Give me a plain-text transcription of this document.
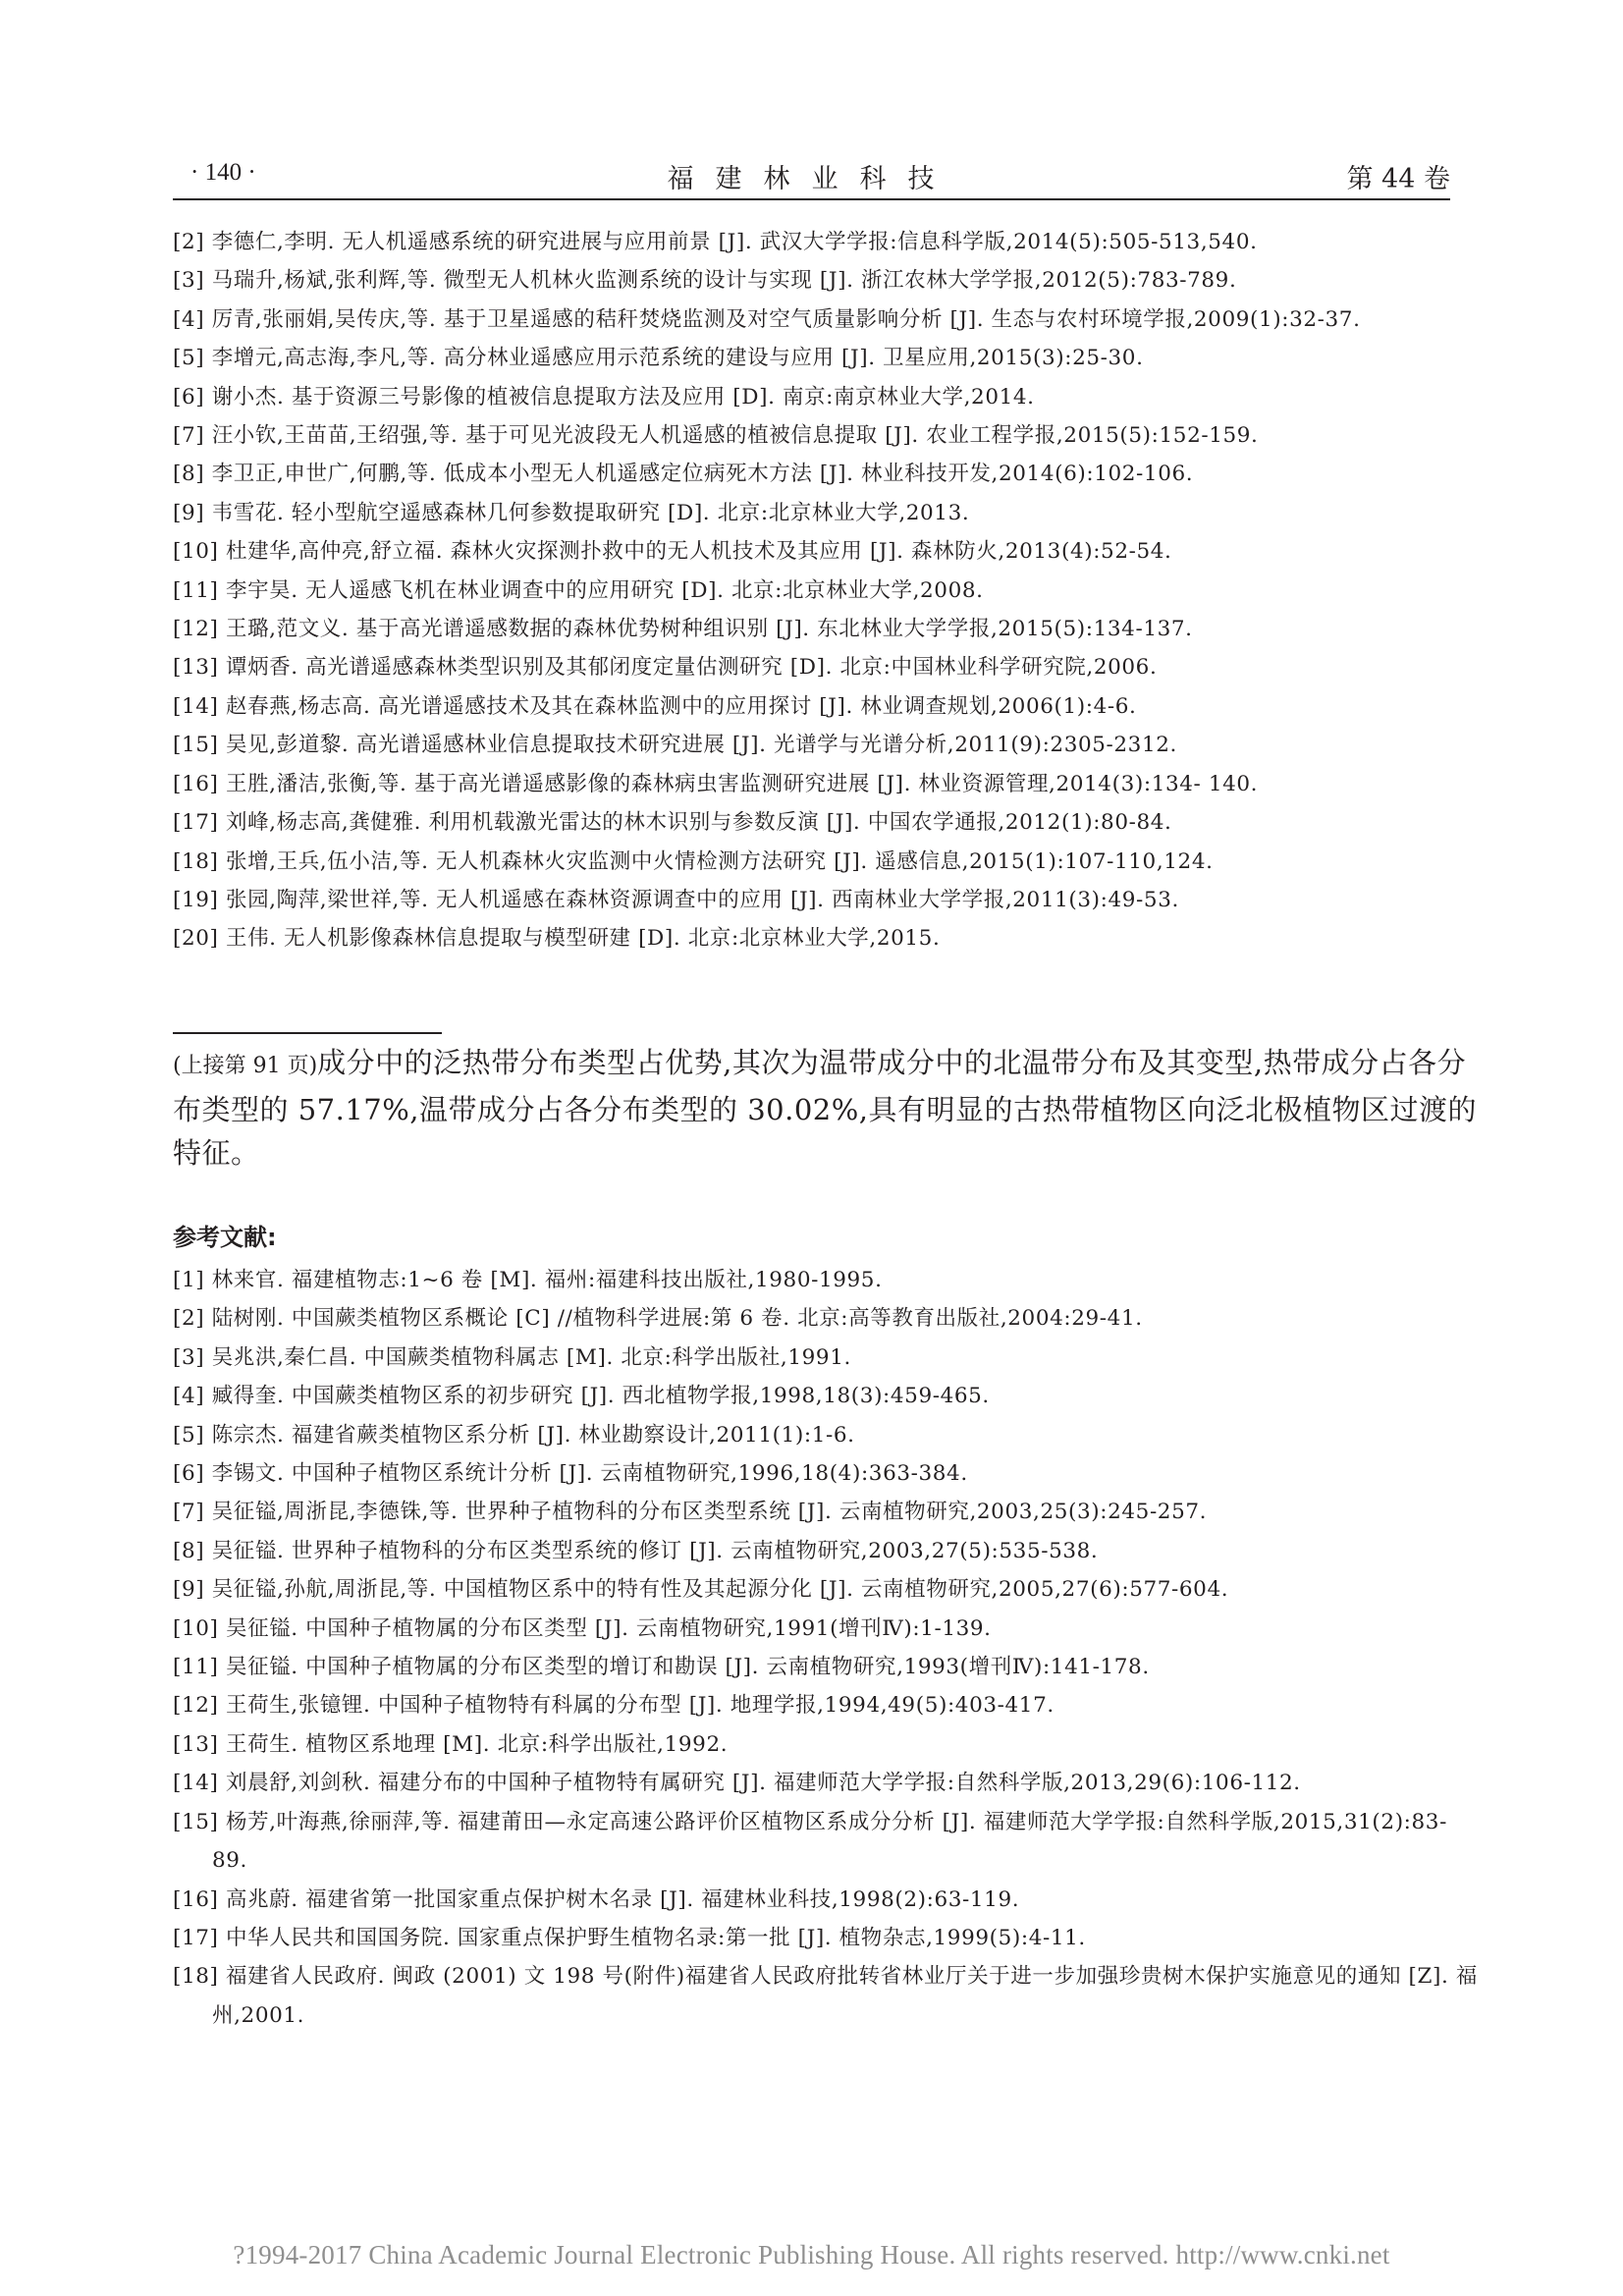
· 140 ·	福建林业科技	第 44 卷
[2] 李德仁,李明. 无人机遥感系统的研究进展与应用前景 [J]. 武汉大学学报:信息科学版,2014(5):505-513,540.
[3] 马瑞升,杨斌,张利辉,等. 微型无人机林火监测系统的设计与实现 [J]. 浙江农林大学学报,2012(5):783-789.
[4] 厉青,张丽娟,吴传庆,等. 基于卫星遥感的秸秆焚烧监测及对空气质量影响分析 [J]. 生态与农村环境学报,2009(1):32-37.
[5] 李增元,高志海,李凡,等. 高分林业遥感应用示范系统的建设与应用 [J]. 卫星应用,2015(3):25-30.
[6] 谢小杰. 基于资源三号影像的植被信息提取方法及应用 [D]. 南京:南京林业大学,2014.
[7] 汪小钦,王苗苗,王绍强,等. 基于可见光波段无人机遥感的植被信息提取 [J]. 农业工程学报,2015(5):152-159.
[8] 李卫正,申世广,何鹏,等. 低成本小型无人机遥感定位病死木方法 [J]. 林业科技开发,2014(6):102-106.
[9] 韦雪花. 轻小型航空遥感森林几何参数提取研究 [D]. 北京:北京林业大学,2013.
[10] 杜建华,高仲亮,舒立福. 森林火灾探测扑救中的无人机技术及其应用 [J]. 森林防火,2013(4):52-54.
[11] 李宇昊. 无人遥感飞机在林业调查中的应用研究 [D]. 北京:北京林业大学,2008.
[12] 王璐,范文义. 基于高光谱遥感数据的森林优势树种组识别 [J]. 东北林业大学学报,2015(5):134-137.
[13] 谭炳香. 高光谱遥感森林类型识别及其郁闭度定量估测研究 [D]. 北京:中国林业科学研究院,2006.
[14] 赵春燕,杨志高. 高光谱遥感技术及其在森林监测中的应用探讨 [J]. 林业调查规划,2006(1):4-6.
[15] 吴见,彭道黎. 高光谱遥感林业信息提取技术研究进展 [J]. 光谱学与光谱分析,2011(9):2305-2312.
[16] 王胜,潘洁,张衡,等. 基于高光谱遥感影像的森林病虫害监测研究进展 [J]. 林业资源管理,2014(3):134- 140.
[17] 刘峰,杨志高,龚健雅. 利用机载激光雷达的林木识别与参数反演 [J]. 中国农学通报,2012(1):80-84.
[18] 张增,王兵,伍小洁,等. 无人机森林火灾监测中火情检测方法研究 [J]. 遥感信息,2015(1):107-110,124.
[19] 张园,陶萍,梁世祥,等. 无人机遥感在森林资源调查中的应用 [J]. 西南林业大学学报,2011(3):49-53.
[20] 王伟. 无人机影像森林信息提取与模型研建 [D]. 北京:北京林业大学,2015.
(上接第 91 页)成分中的泛热带分布类型占优势,其次为温带成分中的北温带分布及其变型,热带成分占各分布类型的 57.17%,温带成分占各分布类型的 30.02%,具有明显的古热带植物区向泛北极植物区过渡的特征。
参考文献:
[1] 林来官. 福建植物志:1~6 卷 [M]. 福州:福建科技出版社,1980-1995.
[2] 陆树刚. 中国蕨类植物区系概论 [C] //植物科学进展:第 6 卷. 北京:高等教育出版社,2004:29-41.
[3] 吴兆洪,秦仁昌. 中国蕨类植物科属志 [M]. 北京:科学出版社,1991.
[4] 臧得奎. 中国蕨类植物区系的初步研究 [J]. 西北植物学报,1998,18(3):459-465.
[5] 陈宗杰. 福建省蕨类植物区系分析 [J]. 林业勘察设计,2011(1):1-6.
[6] 李锡文. 中国种子植物区系统计分析 [J]. 云南植物研究,1996,18(4):363-384.
[7] 吴征镒,周浙昆,李德铢,等. 世界种子植物科的分布区类型系统 [J]. 云南植物研究,2003,25(3):245-257.
[8] 吴征镒. 世界种子植物科的分布区类型系统的修订 [J]. 云南植物研究,2003,27(5):535-538.
[9] 吴征镒,孙航,周浙昆,等. 中国植物区系中的特有性及其起源分化 [J]. 云南植物研究,2005,27(6):577-604.
[10] 吴征镒. 中国种子植物属的分布区类型 [J]. 云南植物研究,1991(增刊Ⅳ):1-139.
[11] 吴征镒. 中国种子植物属的分布区类型的增订和勘误 [J]. 云南植物研究,1993(增刊Ⅳ):141-178.
[12] 王荷生,张镱锂. 中国种子植物特有科属的分布型 [J]. 地理学报,1994,49(5):403-417.
[13] 王荷生. 植物区系地理 [M]. 北京:科学出版社,1992.
[14] 刘晨舒,刘剑秋. 福建分布的中国种子植物特有属研究 [J]. 福建师范大学学报:自然科学版,2013,29(6):106-112.
[15] 杨芳,叶海燕,徐丽萍,等. 福建莆田—永定高速公路评价区植物区系成分分析 [J]. 福建师范大学学报:自然科学版,2015,31(2):83-89.
[16] 高兆蔚. 福建省第一批国家重点保护树木名录 [J]. 福建林业科技,1998(2):63-119.
[17] 中华人民共和国国务院. 国家重点保护野生植物名录:第一批 [J]. 植物杂志,1999(5):4-11.
[18] 福建省人民政府. 闽政 (2001) 文 198 号(附件)福建省人民政府批转省林业厅关于进一步加强珍贵树木保护实施意见的通知 [Z]. 福州,2001.
?1994-2017 China Academic Journal Electronic Publishing House. All rights reserved. http://www.cnki.net
